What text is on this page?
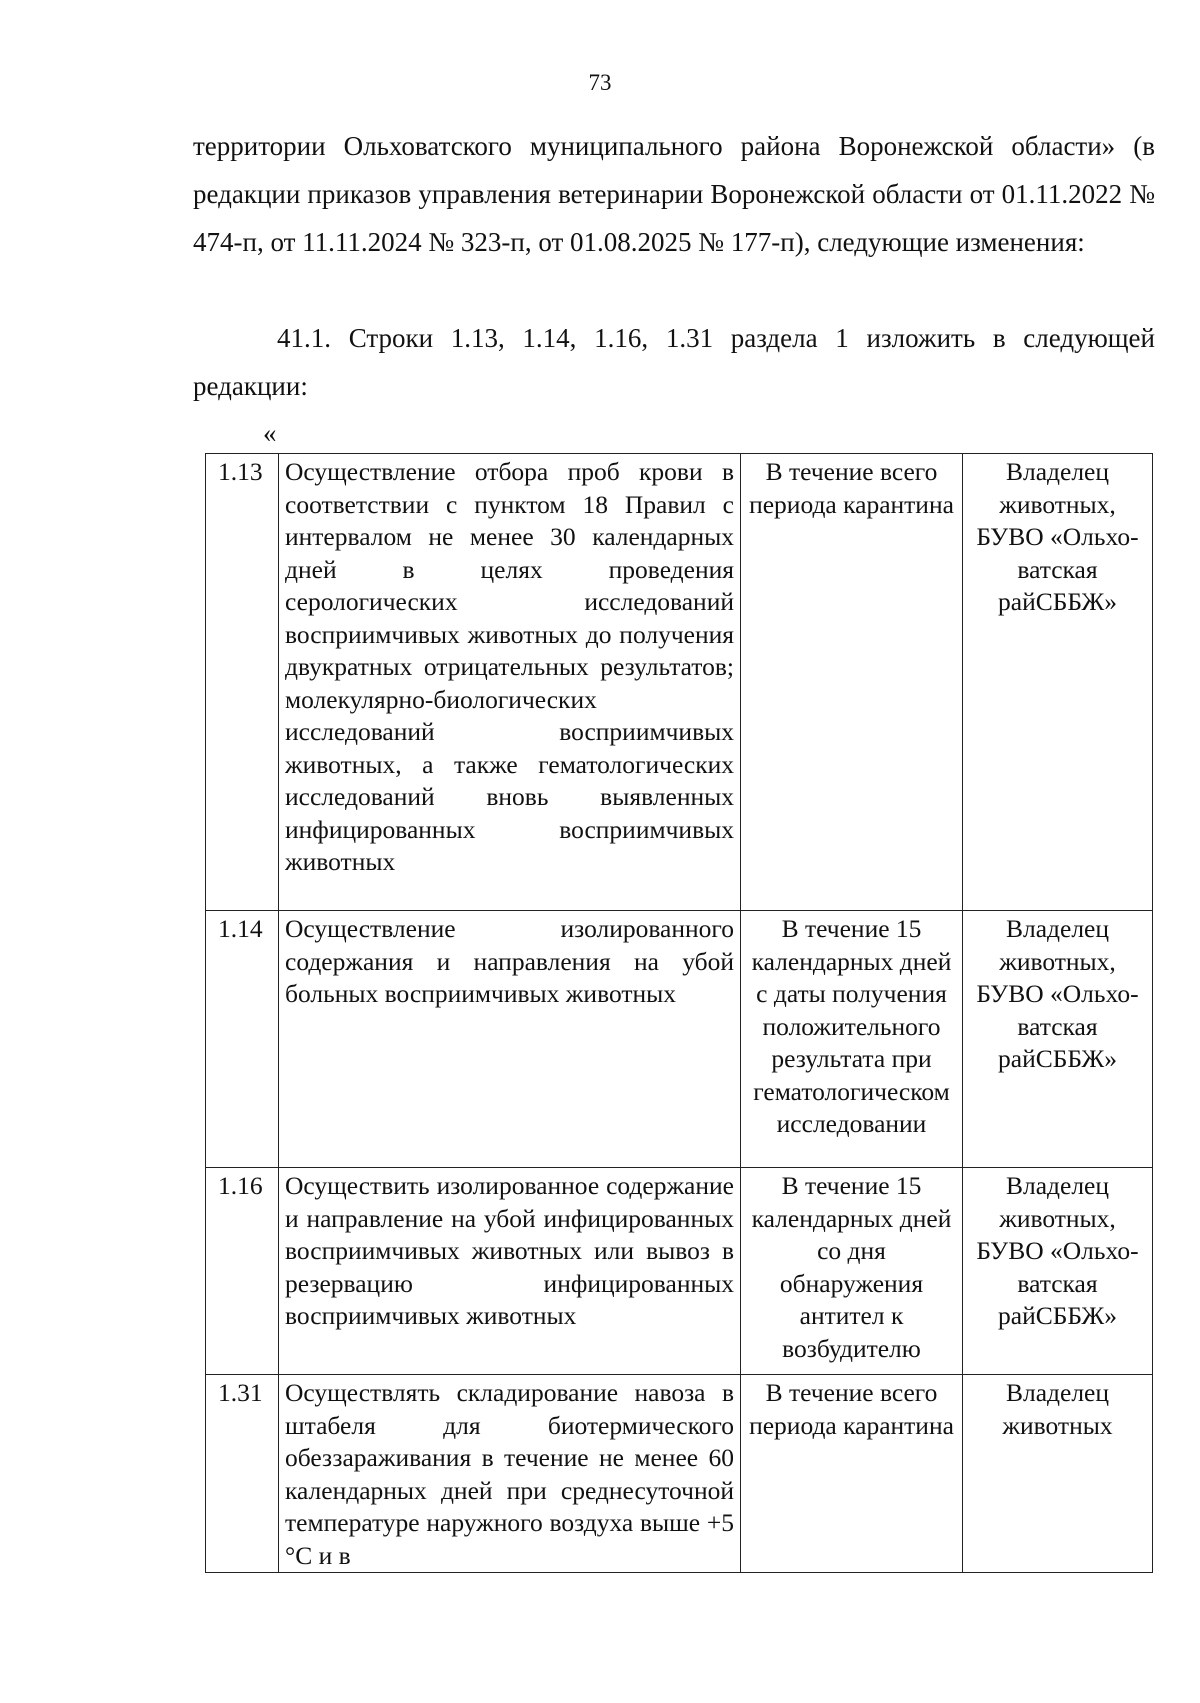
73

территории Ольховатского муниципального района Воронежской области» (в редакции приказов управления ветеринарии Воронежской области от 01.11.2022 № 474-п, от 11.11.2024 № 323-п, от 01.08.2025 № 177-п), следующие изменения:

41.1. Строки 1.13, 1.14, 1.16, 1.31 раздела 1 изложить в следующей редакции:

«
1.13	Осуществление отбора проб крови в соответствии с пунктом 18 Правил с интервалом не менее 30 календарных дней в целях проведения серологических исследований восприимчивых животных до получения двукратных отрицательных результатов; молекулярно-биологических исследований восприимчивых животных, а также гематологических исследований вновь выявленных инфицированных восприимчивых животных	В течение всего периода карантина	Владелец животных, БУВО «Ольхо-ватская райСББЖ»
1.14	Осуществление изолированного содержания и направления на убой больных восприимчивых животных	В течение 15 календарных дней с даты получения положительного результата при гематологическом исследовании	Владелец животных, БУВО «Ольхо-ватская райСББЖ»
1.16	Осуществить изолированное содержание и направление на убой инфицированных восприимчивых животных или вывоз в резервацию инфицированных восприимчивых животных	В течение 15 календарных дней со дня обнаружения антител к возбудителю	Владелец животных, БУВО «Ольхо-ватская райСББЖ»
1.31	Осуществлять складирование навоза в штабеля для биотермического обеззараживания в течение не менее 60 календарных дней при среднесуточной температуре наружного воздуха выше +5 °С и в	В течение всего периода карантина	Владелец животных
